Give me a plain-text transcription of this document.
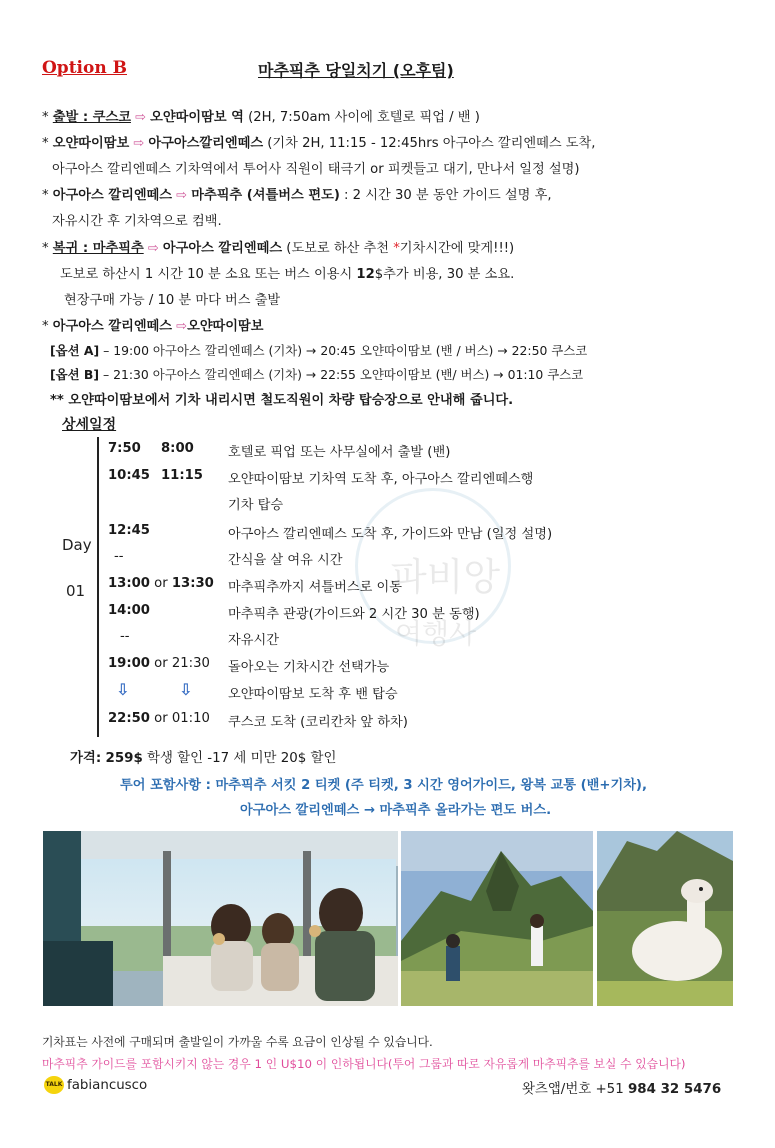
Option B	마추픽추 당일치기 (오후팀)
* 출발 : 쿠스코 ⇨ 오얀따이땀보 역 (2H, 7:50am 사이에 호텔로 픽업 / 밴 )
* 오얀따이땀보 ⇨ 아구아스깔리엔떼스 (기차 2H, 11:15 - 12:45hrs 아구아스 깔리엔떼스 도착,
아구아스 깔리엔떼스 기차역에서 투어사 직원이 태극기 or 피켓들고 대기, 만나서 일정 설명)
* 아구아스 깔리엔떼스 ⇨ 마추픽추 (셔틀버스 편도) : 2 시간 30 분 동안 가이드 설명 후,
자유시간 후 기차역으로 컴백.
* 복귀 : 마추픽추 ⇨ 아구아스 깔리엔떼스 (도보로 하산 추천 *기차시간에 맞게!!!)
도보로 하산시 1 시간 10 분 소요 또는 버스 이용시 12$추가 비용, 30 분 소요.
현장구매 가능 / 10 분 마다 버스 출발
* 아구아스 깔리엔떼스 ⇨오얀따이땀보
[옵션 A] – 19:00 아구아스 깔리엔떼스 (기차) → 20:45 오얀따이땀보 (밴 / 버스) → 22:50 쿠스코
[옵션 B] – 21:30 아구아스 깔리엔떼스 (기차) → 22:55 오얀따이땀보 (밴/ 버스) → 01:10 쿠스코
** 오얀따이땀보에서 기차 내리시면 철도직원이 차량 탑승장으로 안내해 줍니다.
파비앙
여행사
상세일정
Day
01
7:50 8:00	호텔로 픽업 또는 사무실에서 출발 (밴)
10:45 11:15 오얀따이땀보 기차역 도착 후, 아구아스 깔리엔떼스행
기차 탑승
12:45	아구아스 깔리엔떼스 도착 후, 가이드와 만남 (일정 설명)
--	간식을 살 여유 시간
13:00 or 13:30 마추픽추까지 셔틀버스로 이동
14:00	마추픽추 관광(가이드와 2 시간 30 분 동행)
--	자유시간
19:00 or 21:30 돌아오는 기차시간 선택가능
⇩	⇩	오얀따이땀보 도착 후 밴 탑승
22:50 or 01:10 쿠스코 도착 (코리칸차 앞 하차)
가격: 259$ 학생 할인 -17 세 미만 20$ 할인
투어 포함사항 : 마추픽추 서킷 2 티켓 (주 티켓, 3 시간 영어가이드, 왕복 교통 (밴+기차),
아구아스 깔리엔떼스 → 마추픽추 올라가는 편도 버스.
기차표는 사전에 구매되며 출발일이 가까울 수록 요금이 인상될 수 있습니다.
마추픽추 가이드를 포함시키지 않는 경우 1 인 U$10 이 인하됩니다(투어 그룹과 따로 자유롭게 마추픽추를 보실 수 있습니다)
TALK fabiancusco	왓츠앱/번호 +51 984 32 5476
